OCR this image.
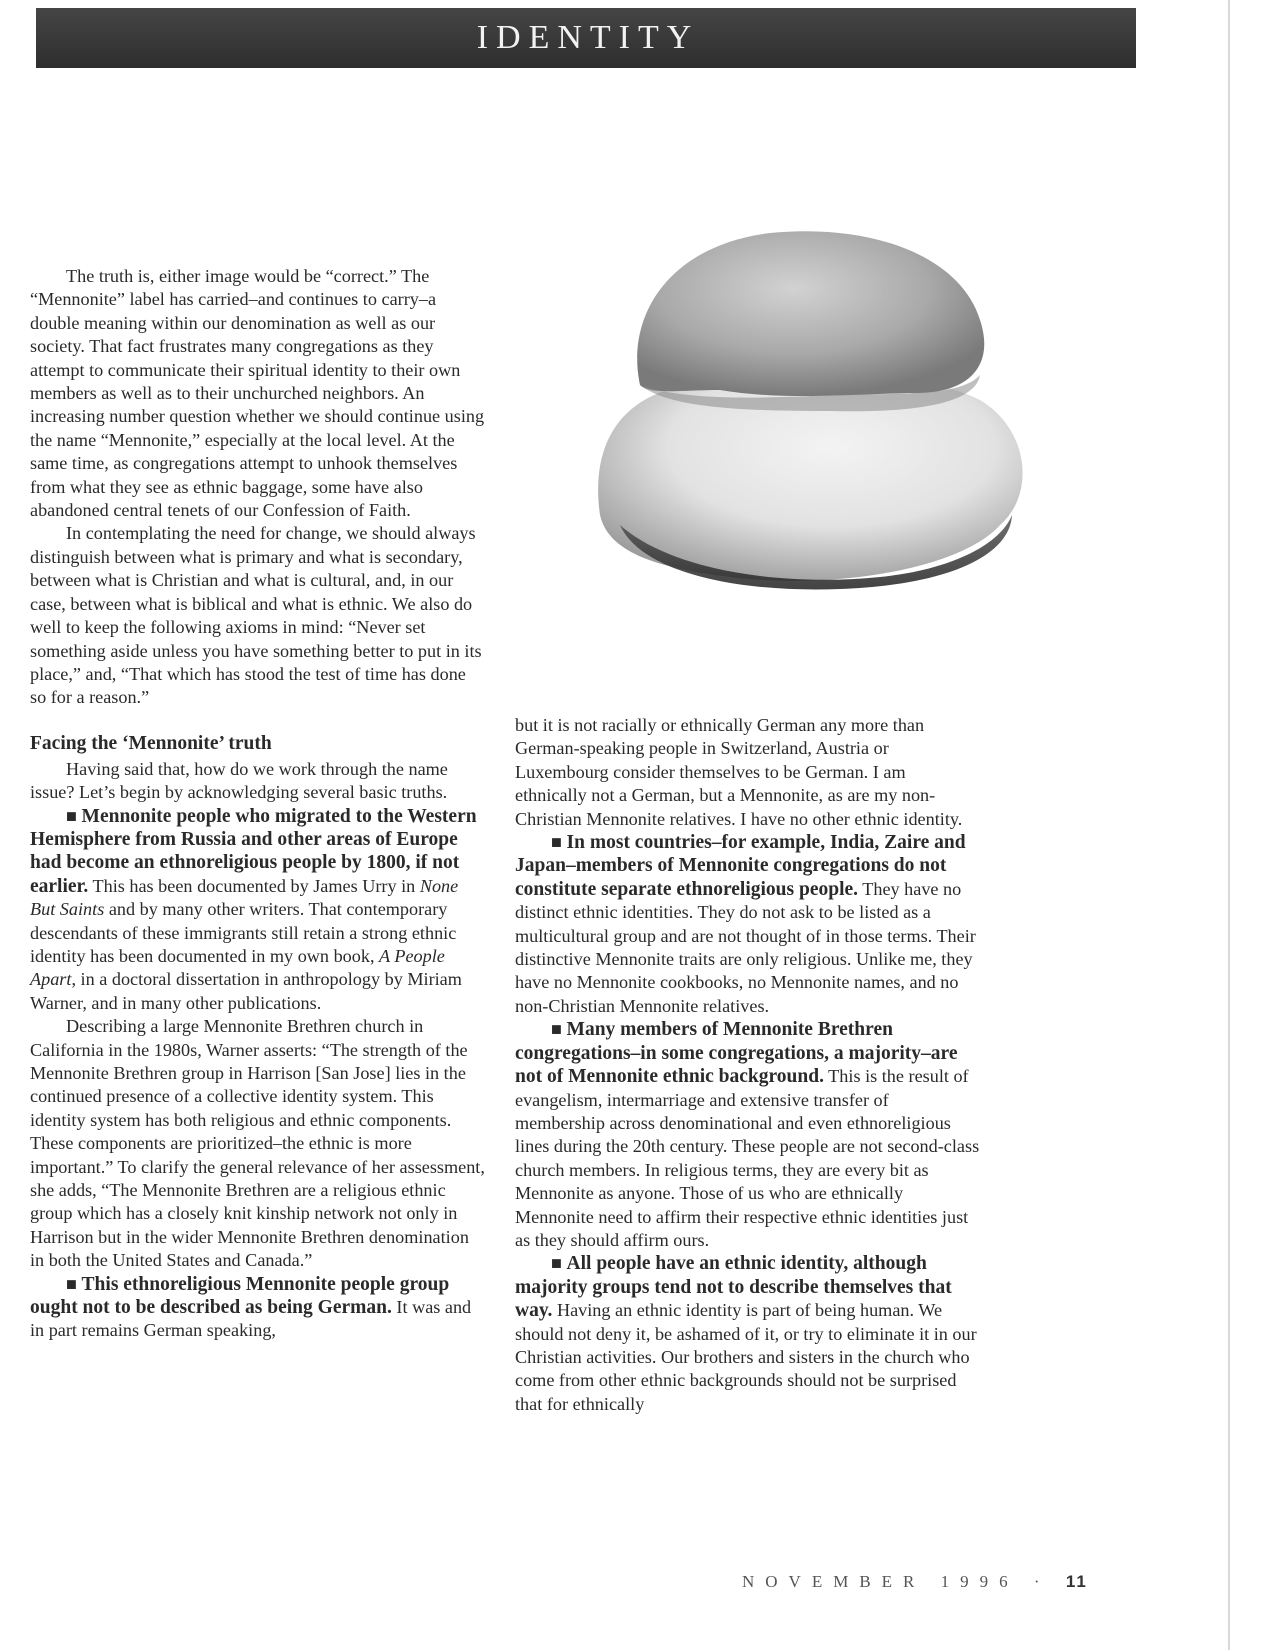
IDENTITY

The truth is, either image would be “correct.” The “Mennonite” label has carried–and continues to carry–a double meaning within our denomination as well as our society. That fact frustrates many congregations as they attempt to communicate their spiritual identity to their own members as well as to their unchurched neighbors. An increasing number question whether we should continue using the name “Mennonite,” especially at the local level. At the same time, as congregations attempt to unhook themselves from what they see as ethnic baggage, some have also abandoned central tenets of our Confession of Faith.

In contemplating the need for change, we should always distinguish between what is primary and what is secondary, between what is Christian and what is cultural, and, in our case, between what is biblical and what is ethnic. We also do well to keep the following axioms in mind: “Never set something aside unless you have something better to put in its place,” and, “That which has stood the test of time has done so for a reason.”

Facing the ‘Mennonite’ truth

Having said that, how do we work through the name issue? Let’s begin by acknowledging several basic truths.

■ Mennonite people who migrated to the Western Hemisphere from Russia and other areas of Europe had become an ethnoreligious people by 1800, if not earlier. This has been documented by James Urry in None But Saints and by many other writers. That contemporary descendants of these immigrants still retain a strong ethnic identity has been documented in my own book, A People Apart, in a doctoral dissertation in anthropology by Miriam Warner, and in many other publications.

Describing a large Mennonite Brethren church in California in the 1980s, Warner asserts: “The strength of the Mennonite Brethren group in Harrison [San Jose] lies in the continued presence of a collective identity system. This identity system has both religious and ethnic components. These components are prioritized–the ethnic is more important.” To clarify the general relevance of her assessment, she adds, “The Mennonite Brethren are a religious ethnic group which has a closely knit kinship network not only in Harrison but in the wider Mennonite Brethren denomination in both the United States and Canada.”

■ This ethnoreligious Mennonite people group ought not to be described as being German. It was and in part remains German speaking,

but it is not racially or ethnically German any more than German-speaking people in Switzerland, Austria or Luxembourg consider themselves to be German. I am ethnically not a German, but a Mennonite, as are my non-Christian Mennonite relatives. I have no other ethnic identity.

■ In most countries–for example, India, Zaire and Japan–members of Mennonite congregations do not constitute separate ethnoreligious people. They have no distinct ethnic identities. They do not ask to be listed as a multicultural group and are not thought of in those terms. Their distinctive Mennonite traits are only religious. Unlike me, they have no Mennonite cookbooks, no Mennonite names, and no non-Christian Mennonite relatives.

■ Many members of Mennonite Brethren congregations–in some congregations, a majority–are not of Mennonite ethnic background. This is the result of evangelism, intermarriage and extensive transfer of membership across denominational and even ethnoreligious lines during the 20th century. These people are not second-class church members. In religious terms, they are every bit as Mennonite as anyone. Those of us who are ethnically Mennonite need to affirm their respective ethnic identities just as they should affirm ours.

■ All people have an ethnic identity, although majority groups tend not to describe themselves that way. Having an ethnic identity is part of being human. We should not deny it, be ashamed of it, or try to eliminate it in our Christian activities. Our brothers and sisters in the church who come from other ethnic backgrounds should not be surprised that for ethnically

NOVEMBER 1996 · 11
